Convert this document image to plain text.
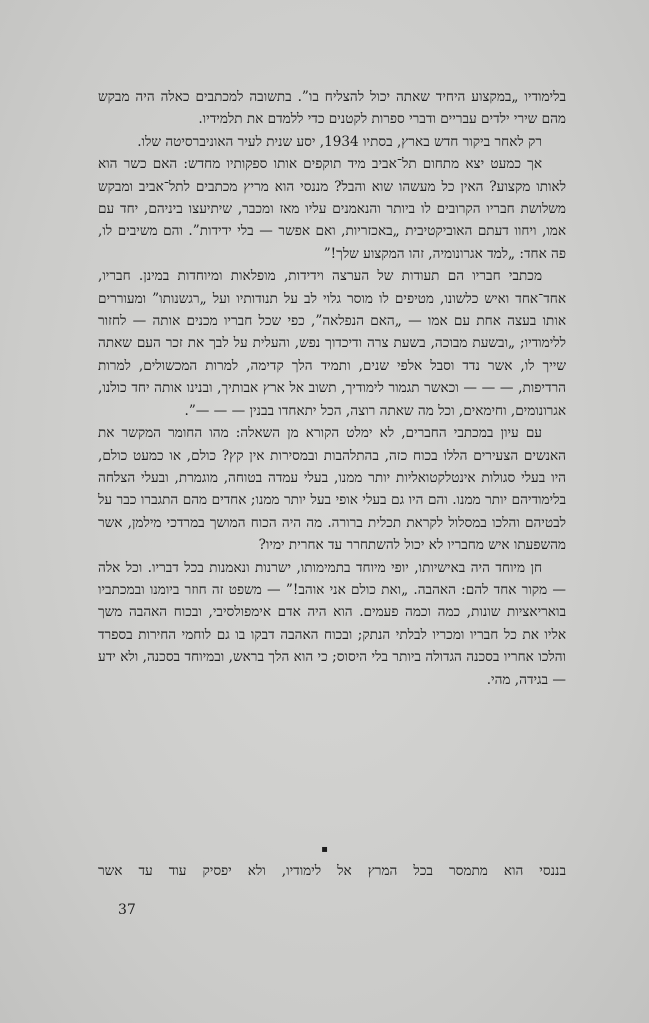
בלימודיו „במקצוע היחיד שאתה יכול להצליח בו”. בתשובה למכתבים כאלה היה מבקש מהם שירי ילדים עבריים ודברי ספרות לקטנים כדי ללמדם את תלמידיו.

רק לאחר ביקור חדש בארץ, בסתיו 1934, יסע שנית לעיר האוניברסיטה שלו.

אך כמעט יצא מתחום תל־אביב מיד תוקפים אותו ספקותיו מחדש: האם כשר הוא לאותו מקצוע? האין כל מעשהו שוא והבל? מננסי הוא מריץ מכתבים לתל־אביב ומבקש משלושת חבריו הקרובים לו ביותר והנאמנים עליו מאז ומכבר, שיתיעצו ביניהם, יחד עם אמו, ויחוו דעתם האוביקטיבית „באכזריות, ואם אפשר — בלי ידידות”. והם משיבים לו, פה אחד: „למד אגרונומיה, זהו המקצוע שלך!”

מכתבי חבריו הם תעודות של הערצה וידידות, מופלאות ומיוחדות במינן. חבריו, אחד־אחד ואיש כלשונו, מטיפים לו מוסר גלוי לב על תנודותיו ועל „רגשנותו” ומעוררים אותו בעצה אחת עם אמו — „האם הנפלאה”, כפי שכל חבריו מכנים אותה — לחזור ללימודיו; „ובשעת מבוכה, בשעת צרה ודיכדוך נפש, והעלית על לבך את זכר העם שאתה שייך לו, אשר נדד וסבל אלפי שנים, ותמיד הלך קדימה, למרות המכשולים, למרות הרדיפות, — — — וכאשר תגמור לימודיך, תשוב אל ארץ אבותיך, ובנינו אותה יחד כולנו, אגרונומים, וחימאים, וכל מה שאתה רוצה, הכל יתאחדו בבנין — — —”.

עם עיון במכתבי החברים, לא ימלט הקורא מן השאלה: מהו החומר המקשר את האנשים הצעירים הללו בכוח כזה, בהתלהבות ובמסירות אין קץ? כולם, או כמעט כולם, היו בעלי סגולות אינטלקטואליות יותר ממנו, בעלי עמדה בטוחה, מוגמרת, ובעלי הצלחה בלימודיהם יותר ממנו. והם היו גם בעלי אופי בעל יותר ממנו; אחדים מהם התגברו כבר על לבטיהם והלכו במסלול לקראת תכלית ברורה. מה היה הכוח המושך במרדכי מילמן, אשר מהשפעתו איש מחבריו לא יכול להשתחרר עד אחרית ימיו?

חן מיוחד היה באישיותו, יופי מיוחד בתמימותו, ישרנות ונאמנות בכל דבריו. וכל אלה — מקור אחד להם: האהבה. „ואת כולם אני אוהב!” — משפט זה חוזר ביומנו ובמכתביו בואריאציות שונות, כמה וכמה פעמים. הוא היה אדם אימפולסיבי, ובכוח האהבה משך אליו את כל חבריו ומכריו לבלתי הנתק; ובכוח האהבה דבקו בו גם לוחמי החירות בספרד והלכו אחריו בסכנה הגדולה ביותר בלי היסוס; כי הוא הלך בראש, ובמיוחד בסכנה, ולא ידע — בגידה, מהי.

▪
בננסי הוא מתמסר בכל המרץ אל לימודיו, ולא יפסיק עוד עד אשר
37
